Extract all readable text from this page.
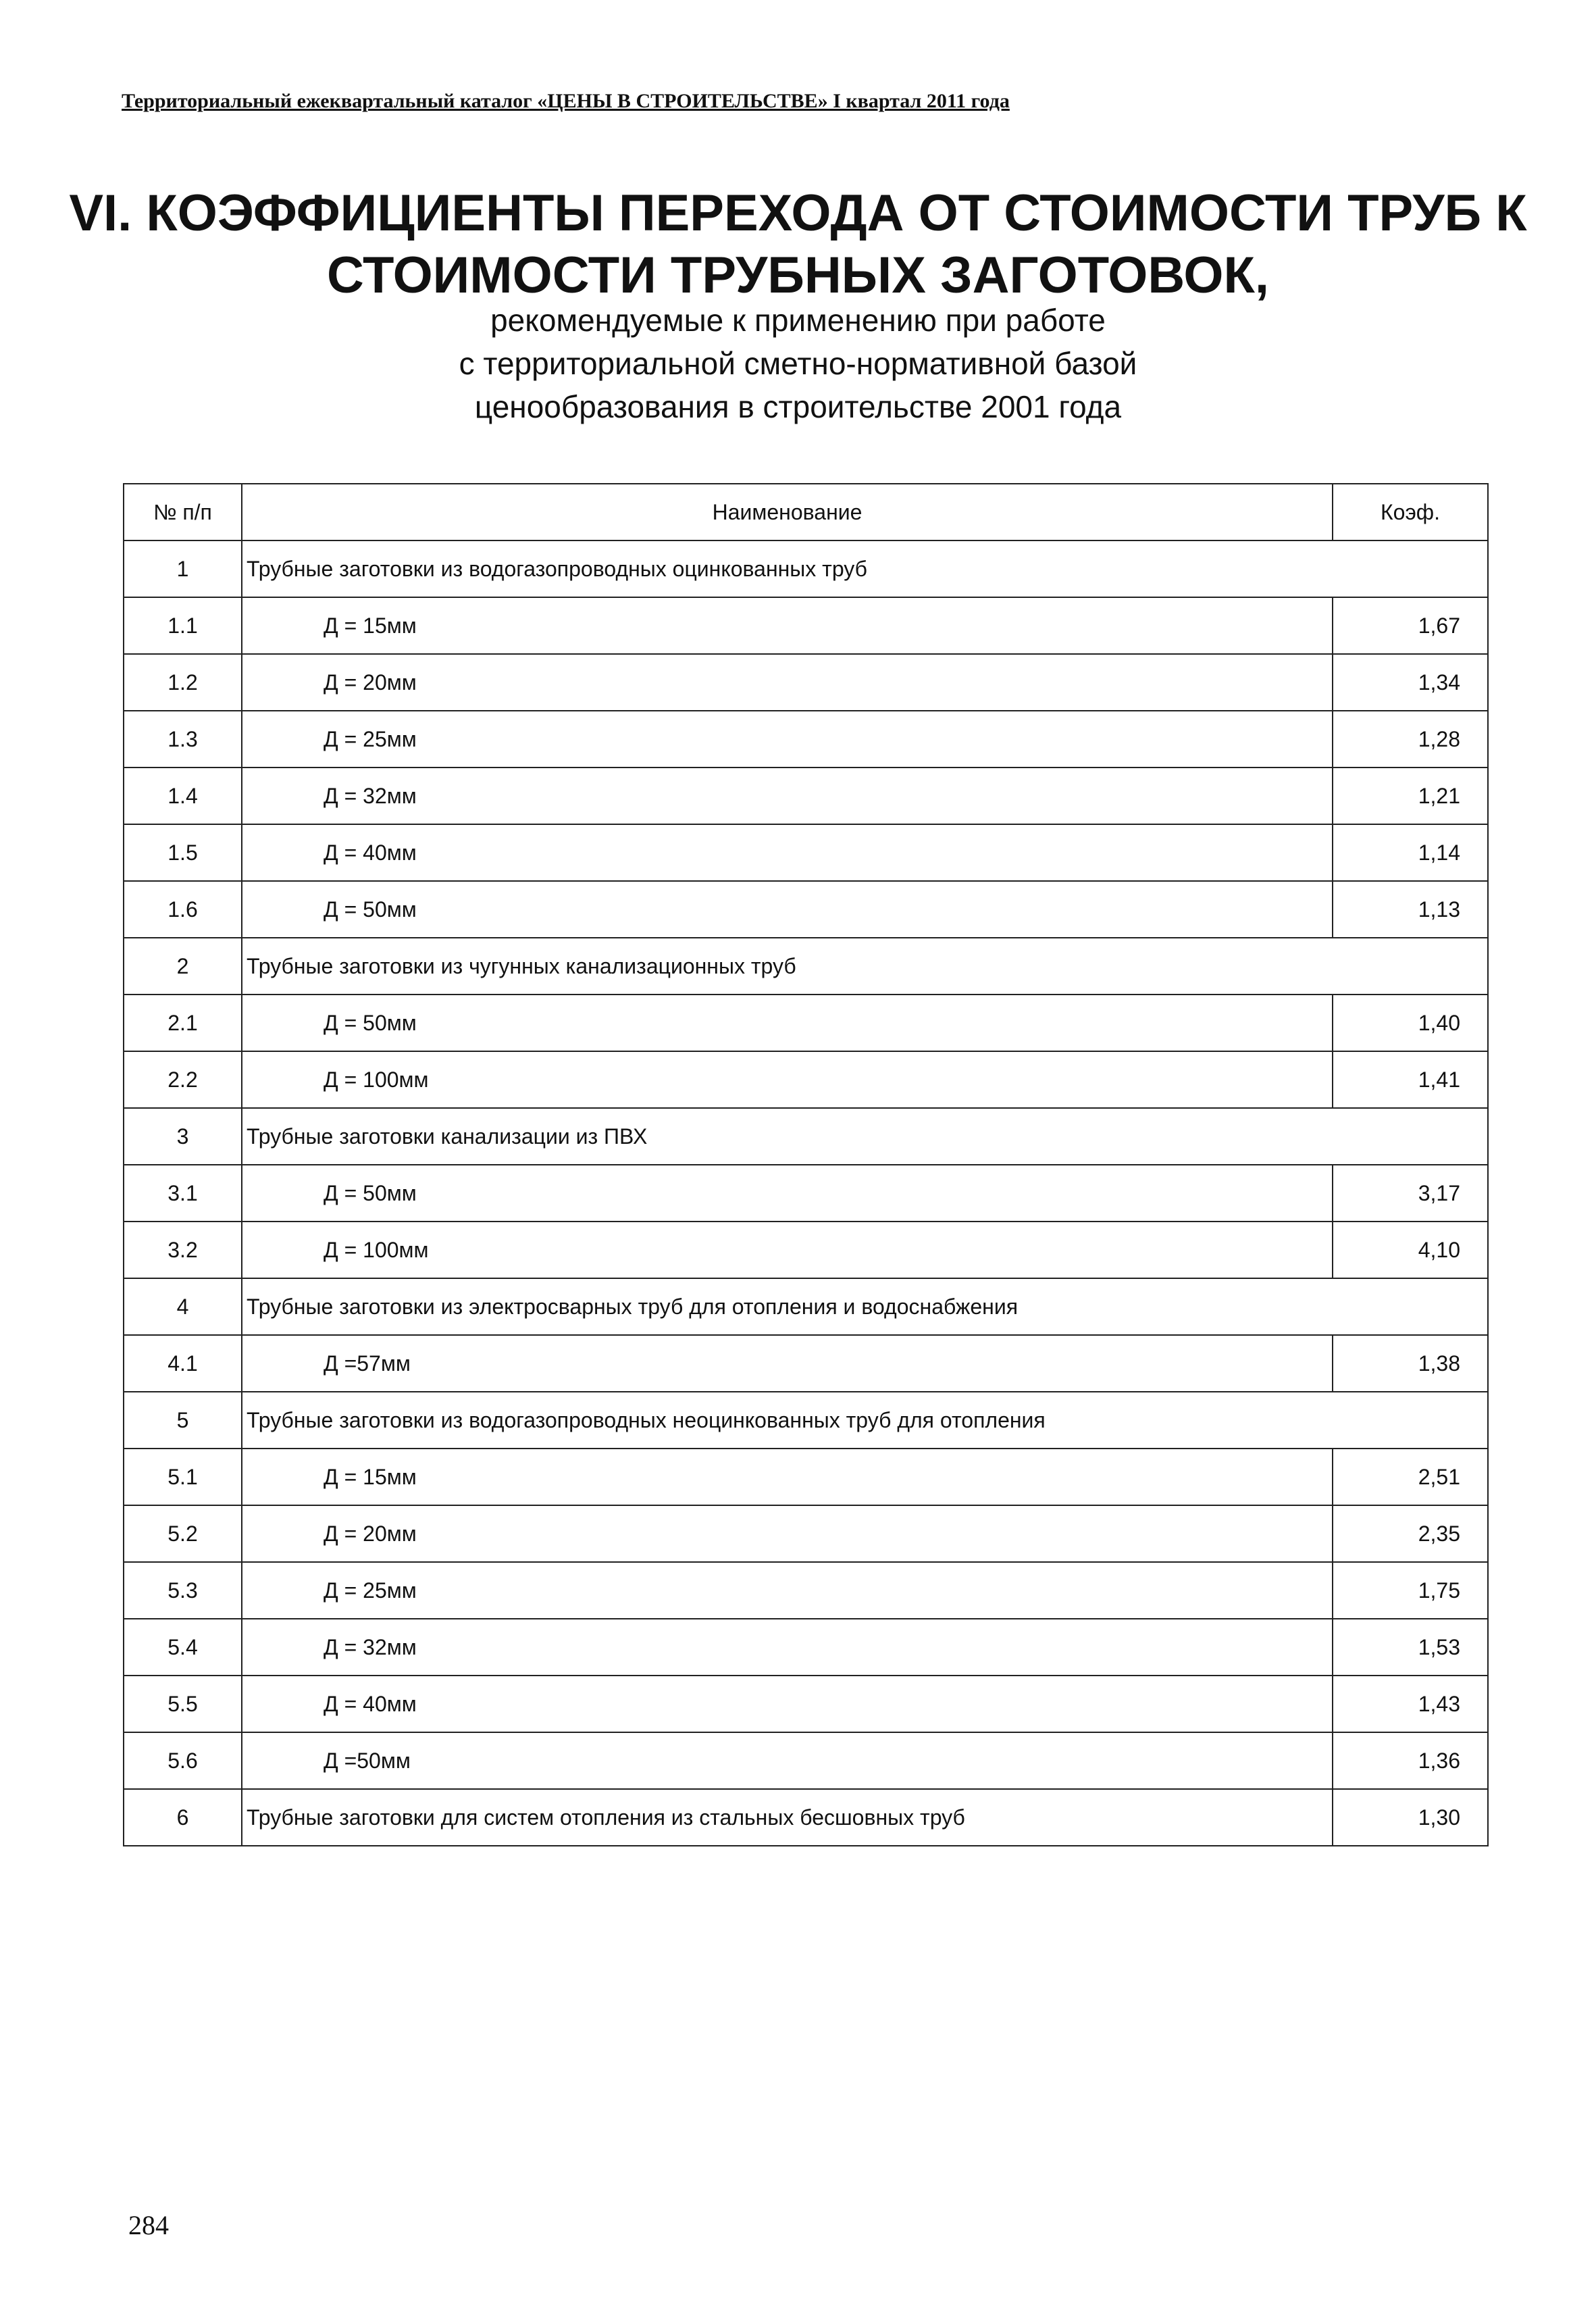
Территориальный ежеквартальный каталог «ЦЕНЫ В СТРОИТЕЛЬСТВЕ» I квартал 2011 года
VI. КОЭФФИЦИЕНТЫ ПЕРЕХОДА ОТ СТОИМОСТИ ТРУБ К
СТОИМОСТИ ТРУБНЫХ ЗАГОТОВОК,
рекомендуемые к применению при работе
с территориальной сметно-нормативной базой
ценообразования в строительстве 2001 года
№ п/п	Наименование	Коэф.
1	Трубные заготовки из водогазопроводных оцинкованных труб	
1.1	Д = 15мм	1,67
1.2	Д = 20мм	1,34
1.3	Д = 25мм	1,28
1.4	Д = 32мм	1,21
1.5	Д = 40мм	1,14
1.6	Д = 50мм	1,13
2	Трубные заготовки из чугунных канализационных труб	
2.1	Д = 50мм	1,40
2.2	Д = 100мм	1,41
3	Трубные заготовки канализации из ПВХ	
3.1	Д = 50мм	3,17
3.2	Д = 100мм	4,10
4	Трубные заготовки из электросварных труб для отопления и водоснабжения	
4.1	Д =57мм	1,38
5	Трубные заготовки из водогазопроводных неоцинкованных труб для отопления	
5.1	Д = 15мм	2,51
5.2	Д = 20мм	2,35
5.3	Д = 25мм	1,75
5.4	Д = 32мм	1,53
5.5	Д = 40мм	1,43
5.6	Д =50мм	1,36
6	Трубные заготовки для систем отопления из стальных бесшовных труб	1,30
284
